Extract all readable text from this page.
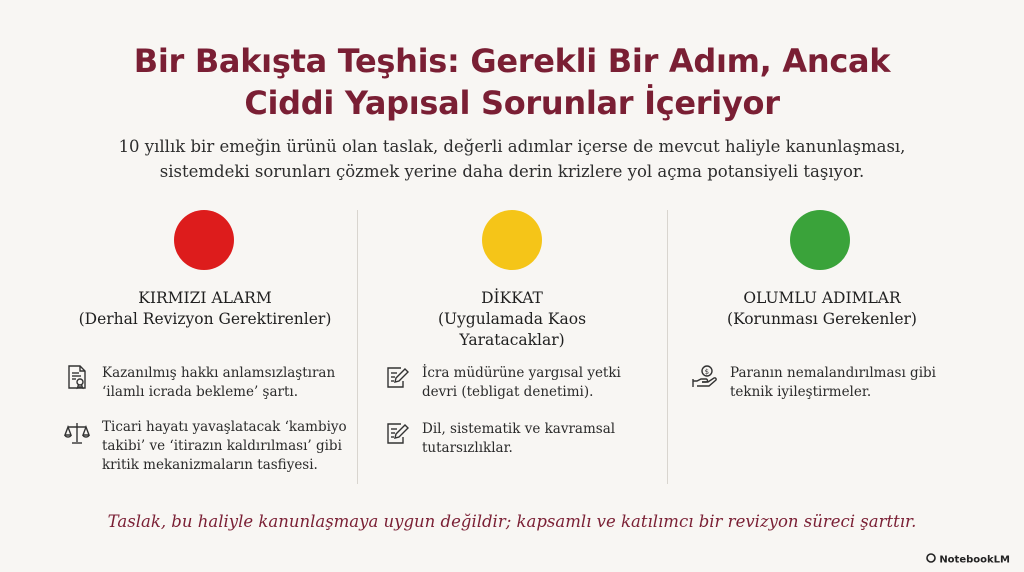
Bir Bakışta Teşhis: Gerekli Bir Adım, Ancak
Ciddi Yapısal Sorunlar İçeriyor
10 yıllık bir emeğin ürünü olan taslak, değerli adımlar içerse de mevcut haliyle kanunlaşması,
sistemdeki sorunları çözmek yerine daha derin krizlere yol açma potansiyeli taşıyor.
KIRMIZI ALARM
(Derhal Revizyon Gerektirenler)
Kazanılmış hakkı anlamsızlaştıran
‘ilamlı icrada bekleme’ şartı.
Ticari hayatı yavaşlatacak ‘kambiyo
takibi’ ve ‘itirazın kaldırılması’ gibi
kritik mekanizmaların tasfiyesi.
DİKKAT
(Uygulamada Kaos
Yaratacaklar)
İcra müdürüne yargısal yetki
devri (tebligat denetimi).
Dil, sistematik ve kavramsal
tutarsızlıklar.
OLUMLU ADIMLAR
(Korunması Gerekenler)
$ Paranın nemalandırılması gibi
teknik iyileştirmeler.
Taslak, bu haliyle kanunlaşmaya uygun değildir; kapsamlı ve katılımcı bir revizyon süreci şarttır.
NotebookLM
